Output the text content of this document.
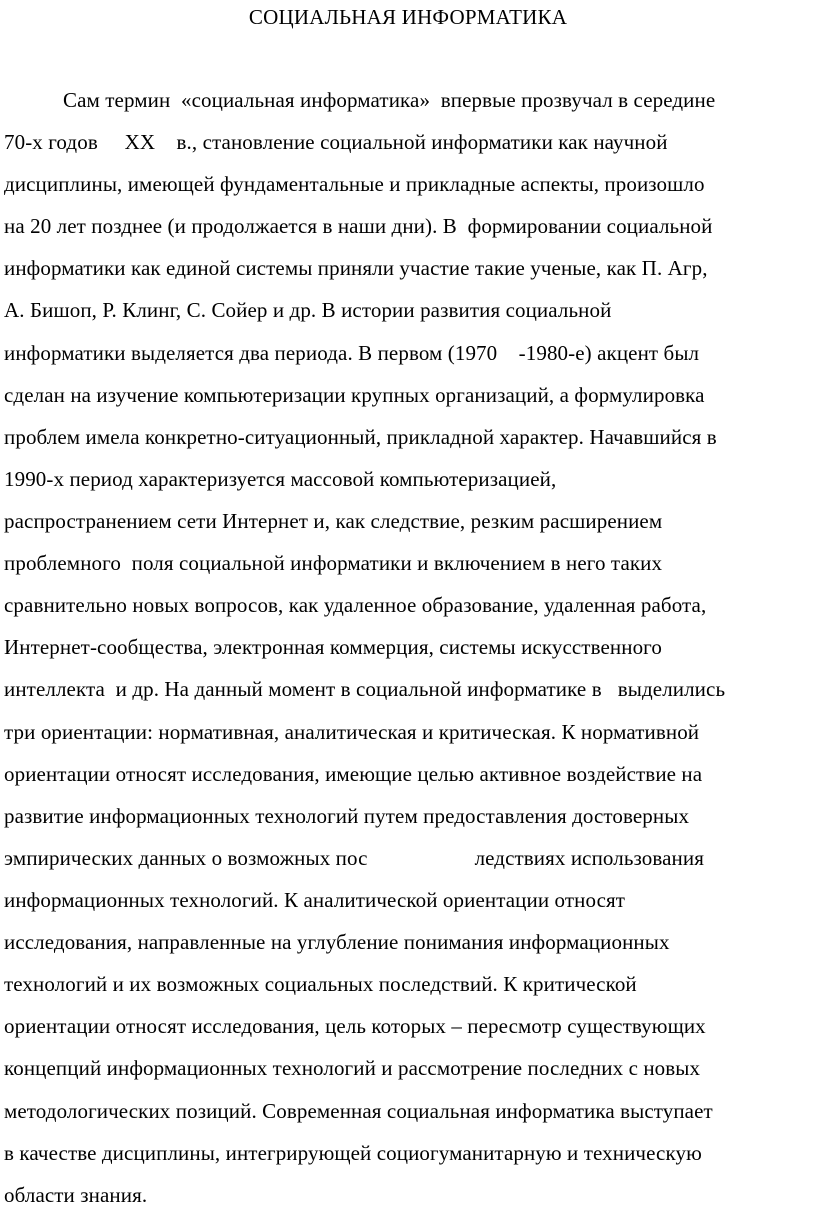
СОЦИАЛЬНАЯ ИНФОРМАТИКА
Сам термин  «социальная информатика»  впервые прозвучал в середине
70-х годов     XX    в., становление социальной информатики как научной
дисциплины, имеющей фундаментальные и прикладные аспекты, произошло
на 20 лет позднее (и продолжается в наши дни). В  формировании социальной
информатики как единой системы приняли участие такие ученые, как П. Агр,
А. Бишоп, Р. Клинг, С. Сойер и др. В истории развития социальной
информатики выделяется два периода. В первом (1970    -1980-е) акцент был
сделан на изучение компьютеризации крупных организаций, а формулировка
проблем имела конкретно-ситуационный, прикладной характер. Начавшийся в
1990-х период характеризуется массовой компьютеризацией,
распространением сети Интернет и, как следствие, резким расширением
проблемного  поля социальной информатики и включением в него таких
сравнительно новых вопросов, как удаленное образование, удаленная работа,
Интернет-сообщества, электронная коммерция, системы искусственного
интеллекта  и др. На данный момент в социальной информатике в   выделились
три ориентации: нормативная, аналитическая и критическая. К нормативной
ориентации относят исследования, имеющие целью активное воздействие на
развитие информационных технологий путем предоставления достоверных
эмпирических данных о возможных пос                    ледствиях использования
информационных технологий. К аналитической ориентации относят
исследования, направленные на углубление понимания информационных
технологий и их возможных социальных последствий. К критической
ориентации относят исследования, цель которых – пересмотр существующих
концепций информационных технологий и рассмотрение последних с новых
методологических позиций. Современная социальная информатика выступает
в качестве дисциплины, интегрирующей социогуманитарную и техническую
области знания.
